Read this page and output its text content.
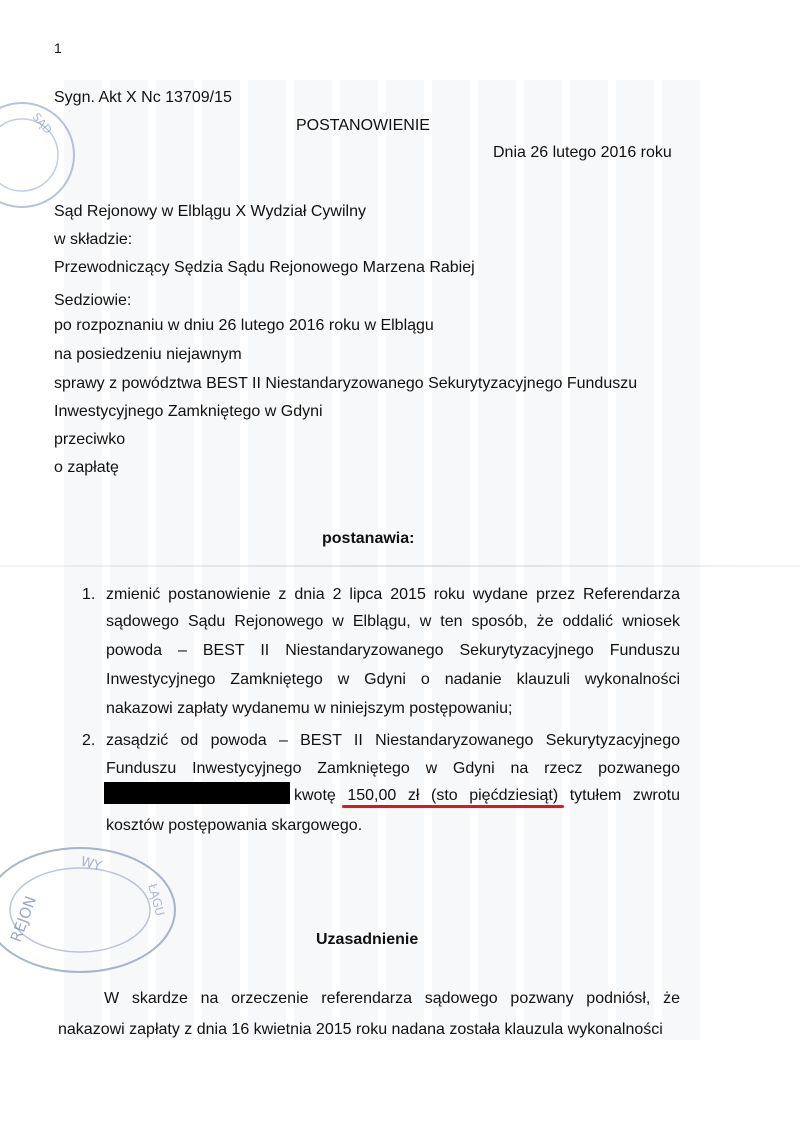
SĄD
REJON
WY
ŁĄGU
1
Sygn. Akt X Nc 13709/15
POSTANOWIENIE
Dnia 26 lutego 2016 roku
Sąd Rejonowy w Elblągu X Wydział Cywilny
w składzie:
Przewodniczący Sędzia Sądu Rejonowego Marzena Rabiej
Sedziowie:
po rozpoznaniu w dniu 26 lutego 2016 roku w Elblągu
na posiedzeniu niejawnym
sprawy z powództwa BEST II Niestandaryzowanego Sekurytyzacyjnego Funduszu
Inwestycyjnego Zamkniętego w Gdyni
przeciwko
o zapłatę
postanawia:
1. zmienić postanowienie z dnia 2 lipca 2015 roku wydane przez Referendarza
sądowego Sądu Rejonowego w Elblągu, w ten sposób, że oddalić wniosek
powoda – BEST II Niestandaryzowanego Sekurytyzacyjnego Funduszu
Inwestycyjnego Zamkniętego w Gdyni o nadanie klauzuli wykonalności
nakazowi zapłaty wydanemu w niniejszym postępowaniu;
2. zasądzić od powoda – BEST II Niestandaryzowanego Sekurytyzacyjnego
Funduszu Inwestycyjnego Zamkniętego w Gdyni na rzecz pozwanego
kwotę 150,00 zł (sto pięćdziesiąt) tytułem zwrotu
kosztów postępowania skargowego.
Uzasadnienie
W skardze na orzeczenie referendarza sądowego pozwany podniósł, że
nakazowi zapłaty z dnia 16 kwietnia 2015 roku nadana została klauzula wykonalności
